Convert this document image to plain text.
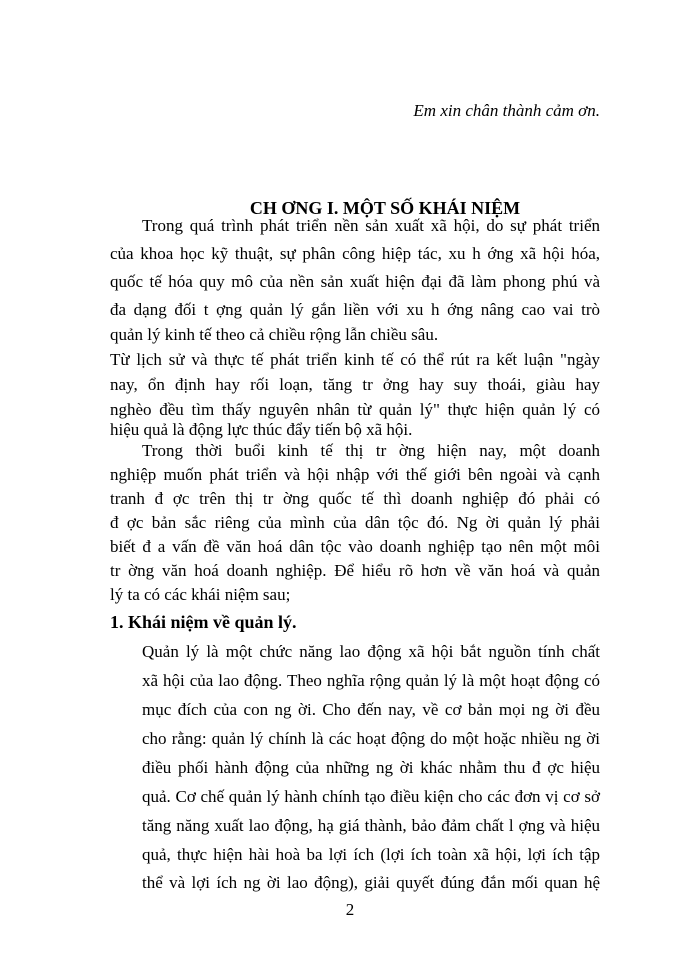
Em xin chân thành cảm ơn.
CH ƠNG I. MỘT SỐ KHÁI NIỆM
Trong quá trình phát triển nền sản xuất xã hội, do sự phát triển
của khoa học kỹ thuật, sự phân công hiệp tác, xu h ớng xã hội hóa,
quốc tế hóa quy mô của nền sản xuất hiện đại đã làm phong phú và
đa dạng đối t ợng quản lý gắn liền với xu h ớng nâng cao vai trò
quản lý kinh tế theo cả chiều rộng lẫn chiều sâu.
Từ lịch sử và thực tế phát triển kinh tế có thể rút ra kết luận "ngày
nay, ổn định hay rối loạn, tăng tr ởng hay suy thoái, giàu hay
nghèo đều tìm thấy nguyên nhân từ quản lý" thực hiện quản lý có
hiệu quả là động lực thúc đẩy tiến bộ xã hội.
Trong thời buổi kinh tế thị tr ờng hiện nay, một doanh
nghiệp muốn phát triển và hội nhập với thế giới bên ngoài và cạnh
tranh đ ợc trên thị tr ờng quốc tế thì doanh nghiệp đó phải có
đ ợc bản sắc riêng của mình của dân tộc đó. Ng ời quản lý phải
biết đ a vấn đề văn hoá dân tộc vào doanh nghiệp tạo nên một môi
tr ờng văn hoá doanh nghiệp. Để hiểu rõ hơn về văn hoá và quản
lý ta có các khái niệm sau;
1. Khái niệm về quản lý.
Quản lý là một chức năng lao động xã hội bắt nguồn tính chất
xã hội của lao động. Theo nghĩa rộng quản lý là một hoạt động có
mục đích của con ng ời. Cho đến nay, về cơ bản mọi ng ời đều
cho rằng: quản lý chính là các hoạt động do một hoặc nhiều ng ời
điều phối hành động của những ng ời khác nhằm thu đ ợc hiệu
quả. Cơ chế quản lý hành chính tạo điều kiện cho các đơn vị cơ sở
tăng năng xuất lao động, hạ giá thành, bảo đảm chất l ợng và hiệu
quả, thực hiện hài hoà ba lợi ích (lợi ích toàn xã hội, lợi ích tập
thể và lợi ích ng ời lao động), giải quyết đúng đắn mối quan hệ
2
